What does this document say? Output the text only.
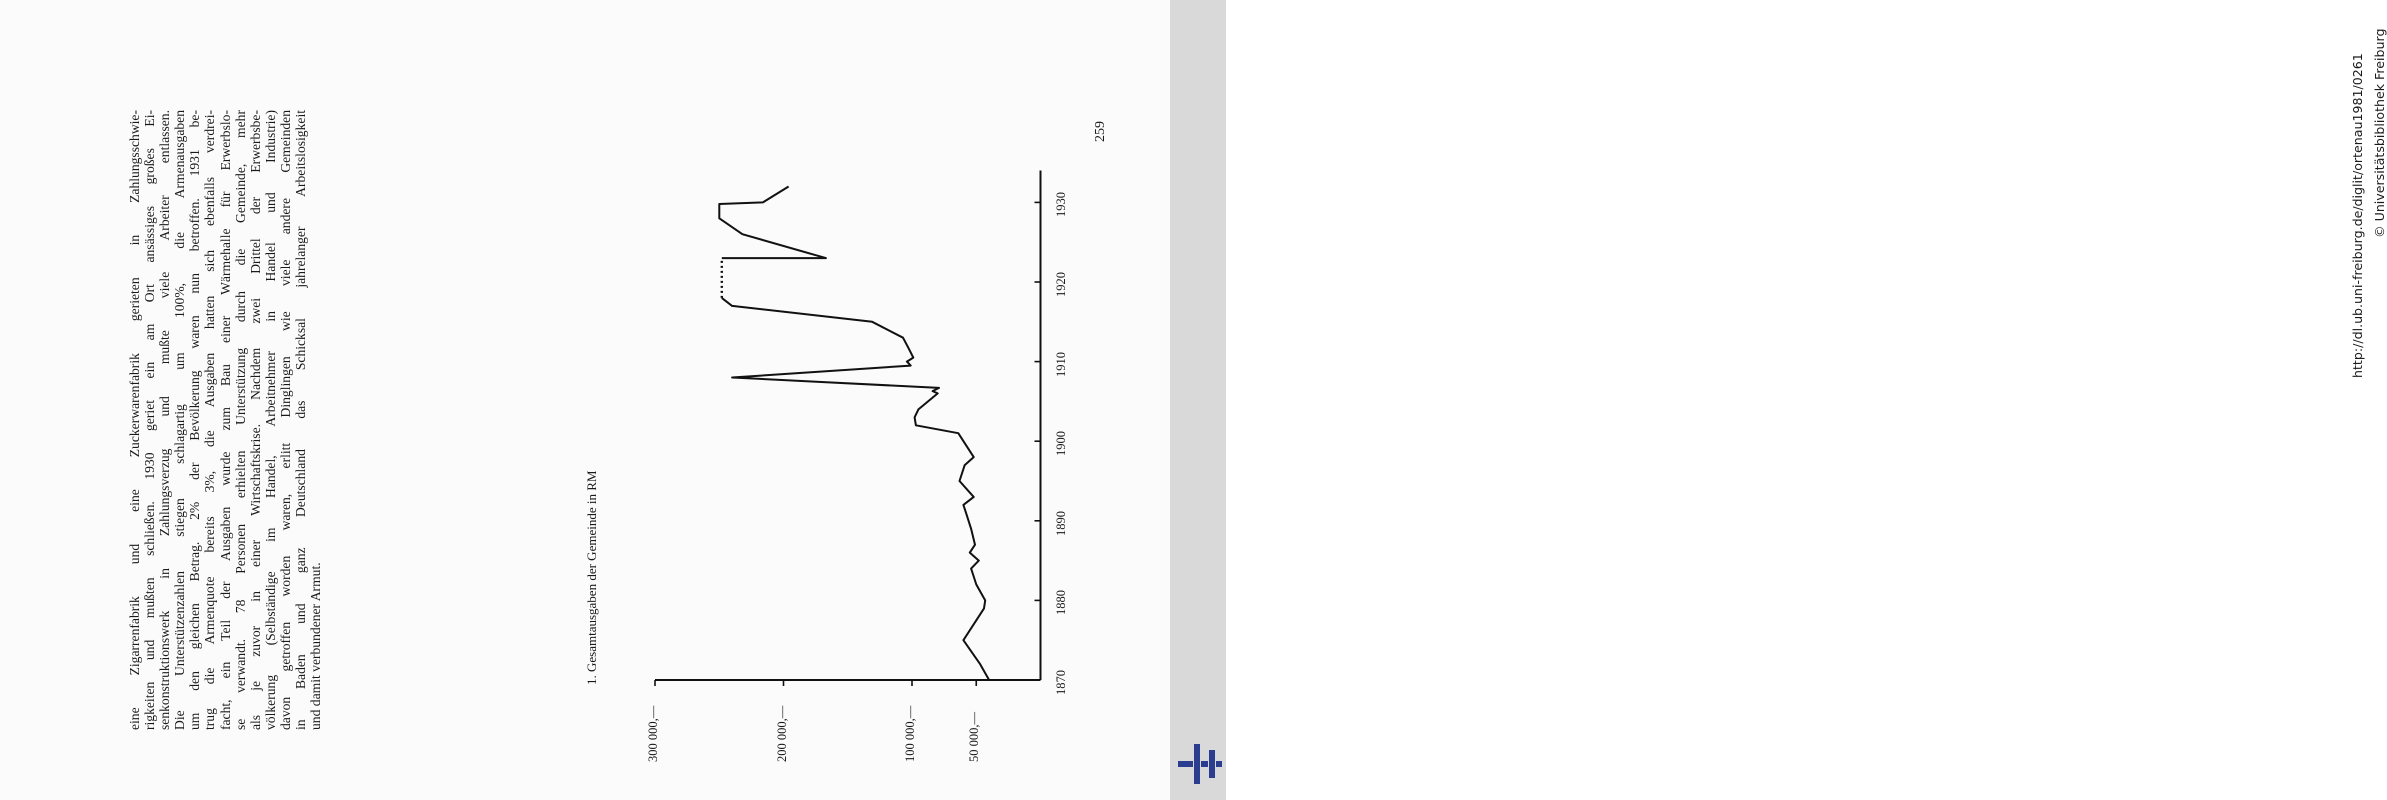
eine Zigarrenfabrik und eine Zuckerwarenfabrik gerieten in Zahlungsschwie- rigkeiten und mußten schließen. 1930 geriet ein am Ort ansässiges großes Ei- senkonstruktionswerk in Zahlungsverzug und mußte viele Arbeiter entlassen. Die Unterstützenzahlen stiegen schlagartig um 100%, die Armenausgaben um den gleichen Betrag. 2% der Bevölkerung waren nun betroffen. 1931 be- trug die Armenquote bereits 3%, die Ausgaben hatten sich ebenfalls verdrei- facht, ein Teil der Ausgaben wurde zum Bau einer Wärmehalle für Erwerbslo- se verwandt. 78 Personen erhielten Unterstützung durch die Gemeinde, mehr als je zuvor in einer Wirtschaftskrise. Nachdem zwei Drittel der Erwerbsbe- völkerung (Selbständige im Handel, Arbeitnehmer in Handel und Industrie) davon getroffen worden waren, erlitt Dinglingen wie viele andere Gemeinden in Baden und ganz Deutschland das Schicksal jahrelanger Arbeitslosigkeit und damit verbundener Armut.	1. Gesamtausgaben der Gemeinde in RM
50 000,—
100 000,—
200 000,—
300 000,—
1870
1880
1890
1900
1910
1920
1930
259	http://dl.ub.uni-freiburg.de/diglit/ortenau1981/0261 © Universitätsbibliothek Freiburg
